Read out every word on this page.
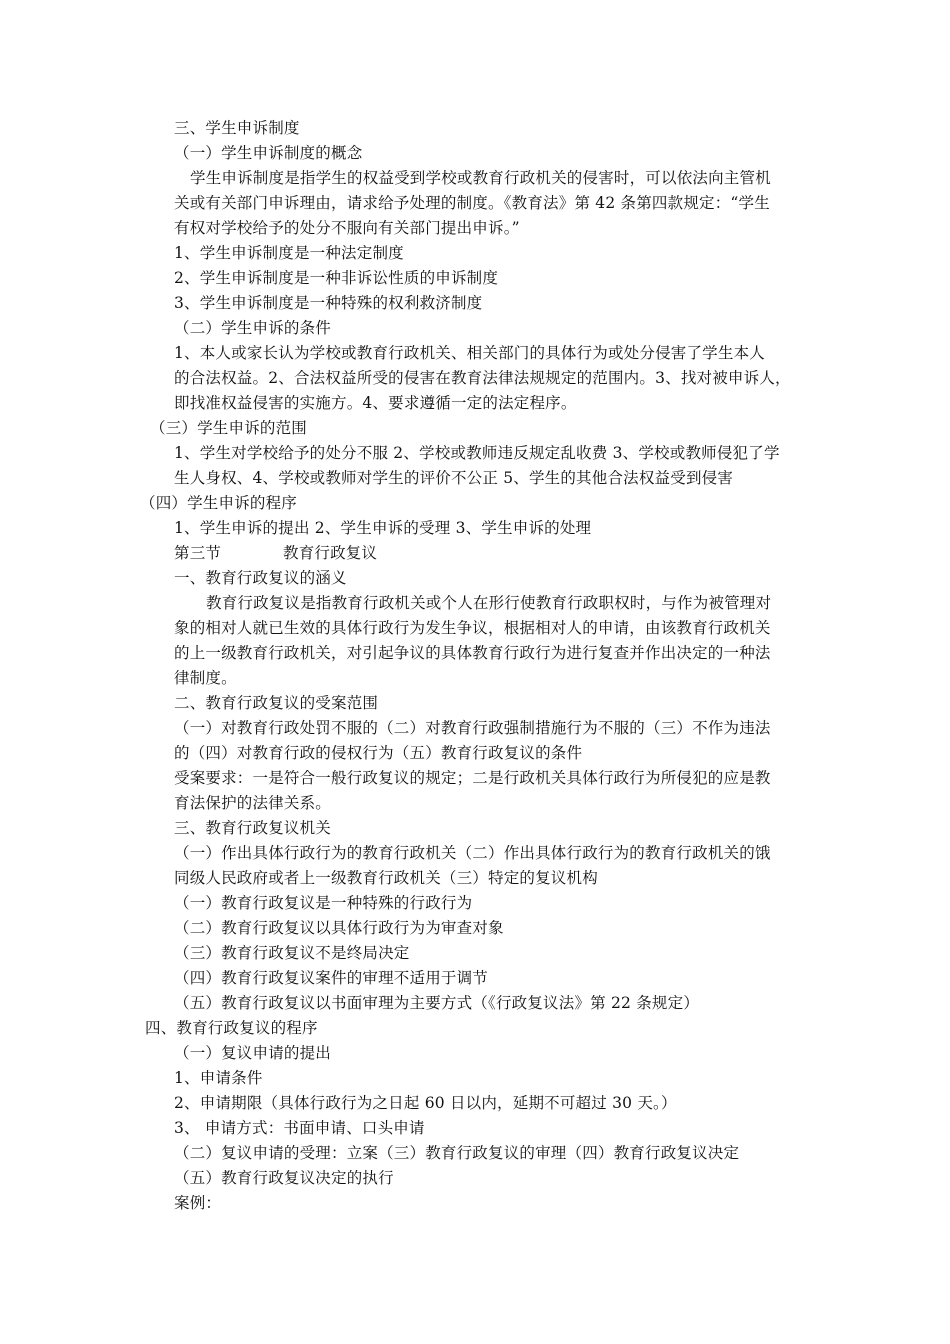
三、学生申诉制度
（一）学生申诉制度的概念
学生申诉制度是指学生的权益受到学校或教育行政机关的侵害时，可以依法向主管机
关或有关部门申诉理由，请求给予处理的制度。《教育法》第 42 条第四款规定：“学生
有权对学校给予的处分不服向有关部门提出申诉。”
1、学生申诉制度是一种法定制度
2、学生申诉制度是一种非诉讼性质的申诉制度
3、学生申诉制度是一种特殊的权利救济制度
（二）学生申诉的条件
1、本人或家长认为学校或教育行政机关、相关部门的具体行为或处分侵害了学生本人
的合法权益。2、合法权益所受的侵害在教育法律法规规定的范围内。3、找对被申诉人，
即找准权益侵害的实施方。4、要求遵循一定的法定程序。
（三）学生申诉的范围
1、学生对学校给予的处分不服 2、学校或教师违反规定乱收费 3、学校或教师侵犯了学
生人身权、4、学校或教师对学生的评价不公正 5、学生的其他合法权益受到侵害
（四）学生申诉的程序
1、学生申诉的提出 2、学生申诉的受理 3、学生申诉的处理
第三节	教育行政复议
一、教育行政复议的涵义
教育行政复议是指教育行政机关或个人在形行使教育行政职权时，与作为被管理对
象的相对人就已生效的具体行政行为发生争议，根据相对人的申请，由该教育行政机关
的上一级教育行政机关，对引起争议的具体教育行政行为进行复查并作出决定的一种法
律制度。
二、教育行政复议的受案范围
（一）对教育行政处罚不服的（二）对教育行政强制措施行为不服的（三）不作为违法
的（四）对教育行政的侵权行为（五）教育行政复议的条件
受案要求：一是符合一般行政复议的规定；二是行政机关具体行政行为所侵犯的应是教
育法保护的法律关系。
三、教育行政复议机关
（一）作出具体行政行为的教育行政机关（二）作出具体行政行为的教育行政机关的饿
同级人民政府或者上一级教育行政机关（三）特定的复议机构
（一）教育行政复议是一种特殊的行政行为
（二）教育行政复议以具体行政行为为审查对象
（三）教育行政复议不是终局决定
（四）教育行政复议案件的审理不适用于调节
（五）教育行政复议以书面审理为主要方式（《行政复议法》第 22 条规定）
四、教育行政复议的程序
（一）复议申请的提出
1、申请条件
2、申请期限（具体行政行为之日起 60 日以内，延期不可超过 30 天。）
3、 申请方式：书面申请、口头申请
（二）复议申请的受理：立案（三）教育行政复议的审理（四）教育行政复议决定
（五）教育行政复议决定的执行
案例：
